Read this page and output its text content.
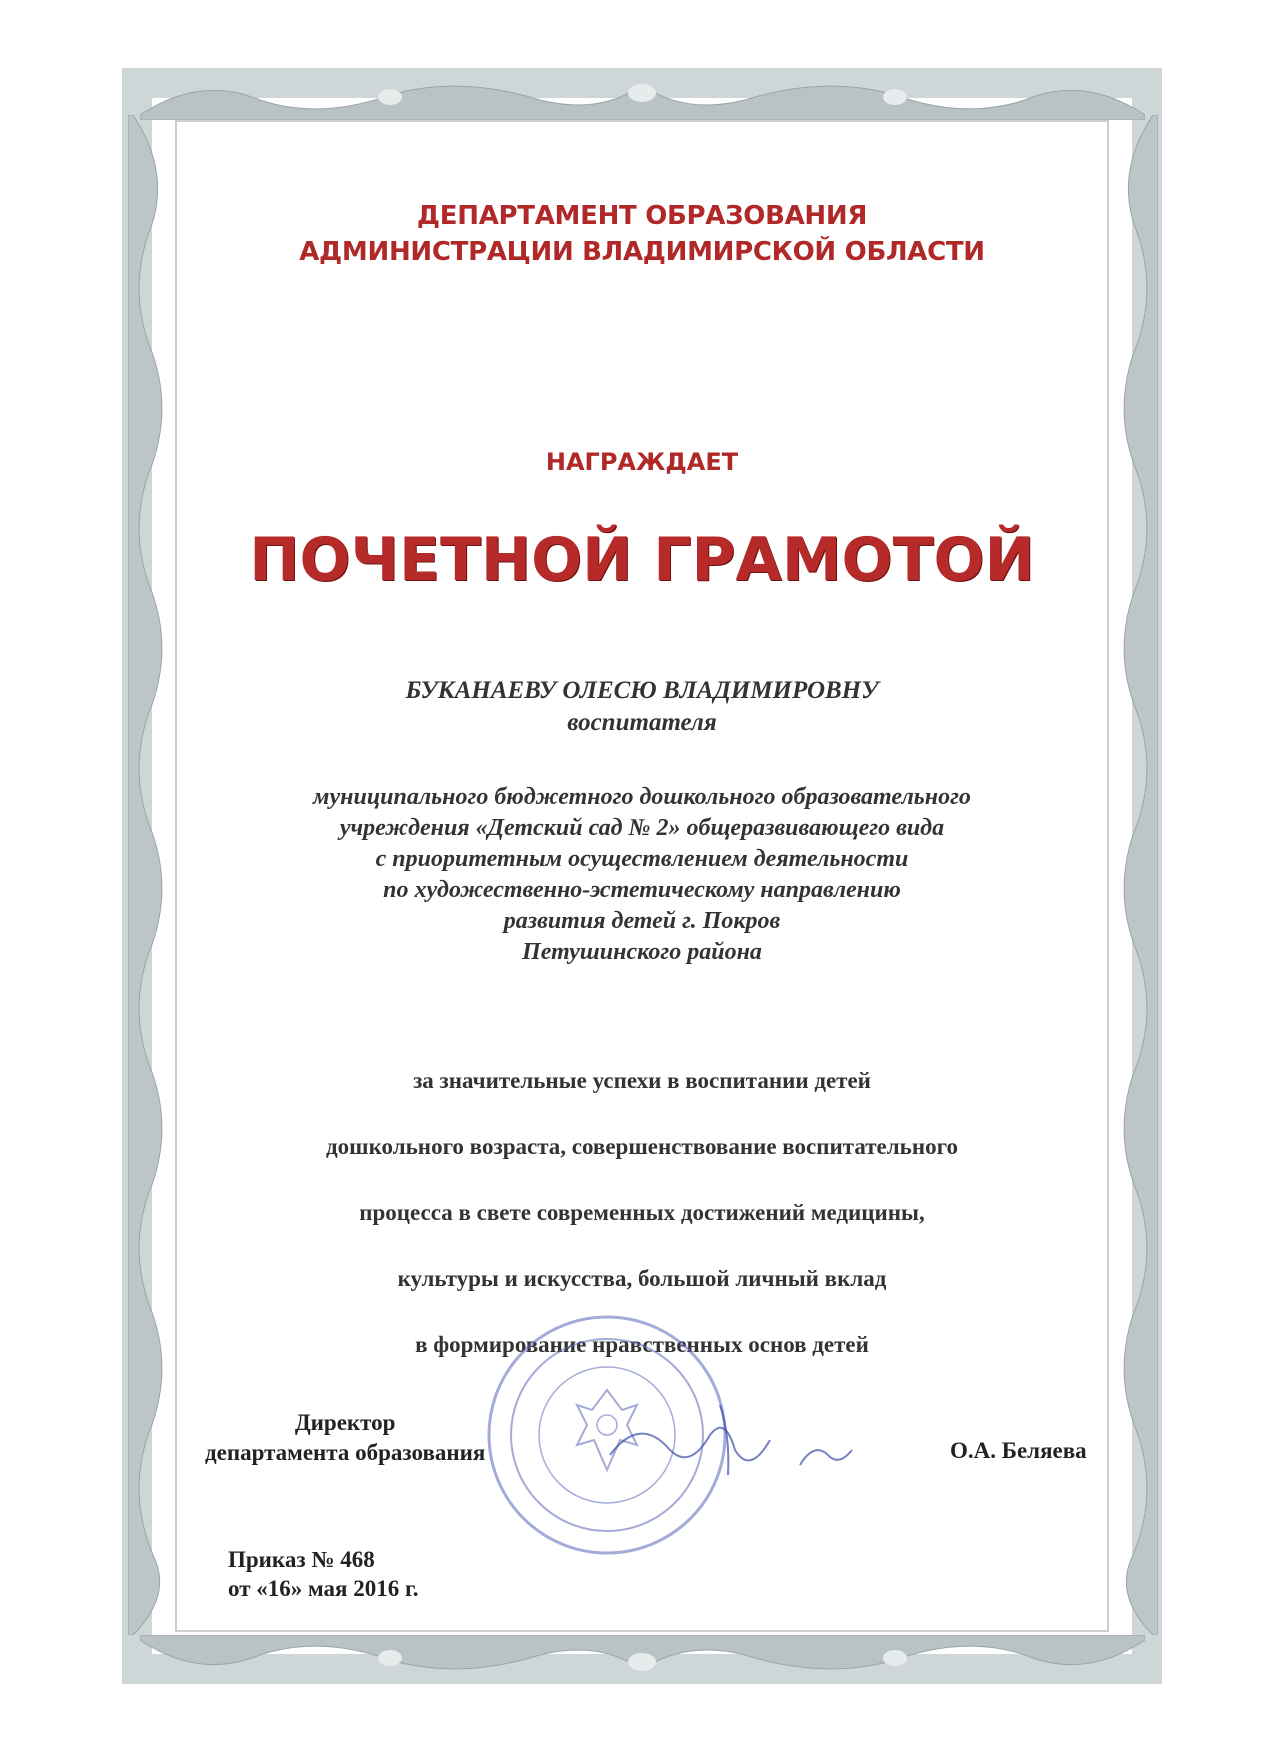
ДЕПАРТАМЕНТ ОБРАЗОВАНИЯ
АДМИНИСТРАЦИИ ВЛАДИМИРСКОЙ ОБЛАСТИ
НАГРАЖДАЕТ
ПОЧЕТНОЙ ГРАМОТОЙ
БУКАНАЕВУ ОЛЕСЮ ВЛАДИМИРОВНУ
воспитателя
муниципального бюджетного дошкольного образовательного
учреждения «Детский сад № 2» общеразвивающего вида
с приоритетным осуществлением деятельности
по художественно-эстетическому направлению
развития детей г. Покров
Петушинского района
за значительные успехи в воспитании детей
дошкольного возраста, совершенствование воспитательного
процесса в свете современных достижений медицины,
культуры и искусства, большой личный вклад
в формирование нравственных основ детей
Директор
департамента образования	О.А. Беляева
Приказ № 468
от «16» мая 2016 г.
